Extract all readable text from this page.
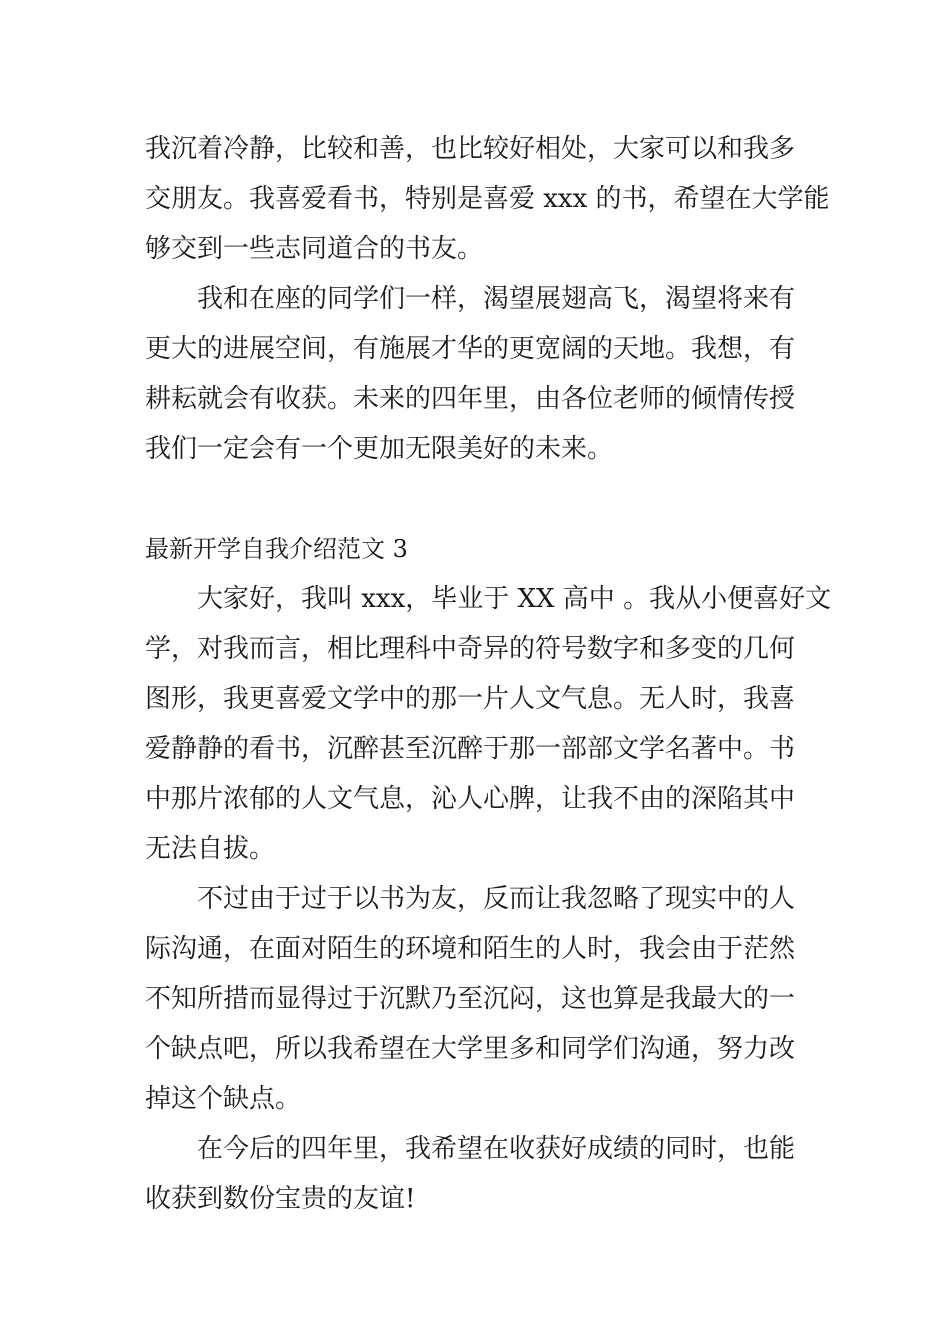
我沉着冷静，比较和善，也比较好相处，大家可以和我多
交朋友。我喜爱看书，特别是喜爱 xxx 的书，希望在大学能
够交到一些志同道合的书友。
我和在座的同学们一样，渴望展翅高飞，渴望将来有
更大的进展空间，有施展才华的更宽阔的天地。我想，有
耕耘就会有收获。未来的四年里，由各位老师的倾情传授
我们一定会有一个更加无限美好的未来。
最新开学自我介绍范文 3
大家好，我叫 xxx，毕业于 XX 高中 。我从小便喜好文
学，对我而言，相比理科中奇异的符号数字和多变的几何
图形，我更喜爱文学中的那一片人文气息。无人时，我喜
爱静静的看书，沉醉甚至沉醉于那一部部文学名著中。书
中那片浓郁的人文气息，沁人心脾，让我不由的深陷其中
无法自拔。
不过由于过于以书为友，反而让我忽略了现实中的人
际沟通，在面对陌生的环境和陌生的人时，我会由于茫然
不知所措而显得过于沉默乃至沉闷，这也算是我最大的一
个缺点吧，所以我希望在大学里多和同学们沟通，努力改
掉这个缺点。
在今后的四年里，我希望在收获好成绩的同时，也能
收获到数份宝贵的友谊!
